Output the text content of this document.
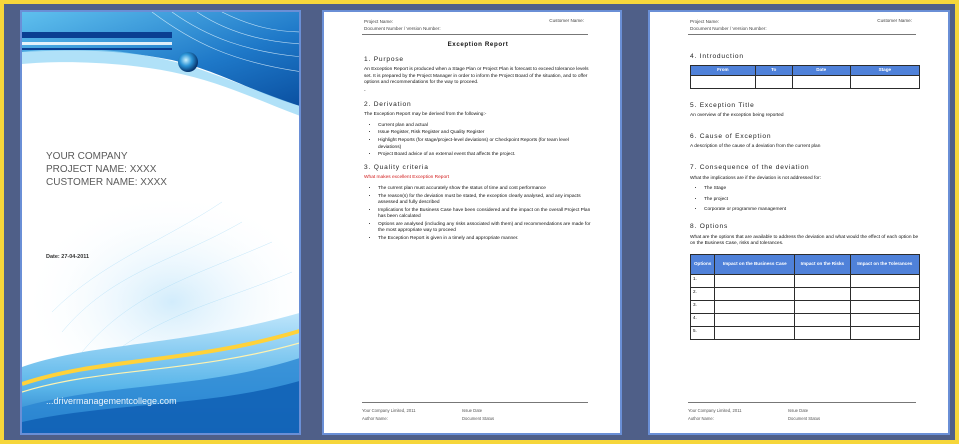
YOUR COMPANY
PROJECT NAME: XXXX
CUSTOMER NAME: XXXX
Date: 27-04-2011
...drivermanagementcollege.com
Project Name:
Document Number / Version Number:
Customer Name:
Exception Report
1. Purpose

An Exception Report is produced when a Stage Plan or Project Plan is forecast to exceed tolerance levels set. It is prepared by the Project Manager in order to inform the Project Board of the situation, and to offer options and recommendations for the way to proceed.

-

2. Derivation

The Exception Report may be derived from the following:-

• Current plan and actual
• Issue Register, Risk Register and Quality Register
• Highlight Reports (for stage/project-level deviations) or Checkpoint Reports (for team level deviations)
• Project Board advice of an external event that affects the project.
3. Quality criteria

What makes excellent Exception Report

• The current plan must accurately show the status of time and cost performance
• The reason(s) for the deviation must be stated, the exception clearly analysed, and any impacts assessed and fully described
• Implications for the Business Case have been considered and the impact on the overall Project Plan has been calculated
• Options are analysed (including any risks associated with them) and recommendations are made for the most appropriate way to proceed
• The Exception Report is given in a timely and appropriate manner.
Your Company Limited, 2011	Issue Date
Author Name:	Document Status
Project Name:
Document Number / Version Number:
Customer Name:
4. Introduction
From	To	Date	Stage

5. Exception Title

An overview of the exception being reported

6. Cause of Exception

A description of the cause of a deviation from the current plan

7. Consequence of the deviation

What the implications are if the deviation is not addressed for:

• The Stage
• The project
• Corporate or programme management
8. Options

What are the options that are available to address the deviation and what would the effect of each option be on the Business Case, risks and tolerances.

Options	Impact on the Business Case	Impact on the Risks	Impact on the Tolerances
1.			
2.			
3.			
4.			
5.			
Your Company Limited, 2011	Issue Date
Author Name:	Document Status
